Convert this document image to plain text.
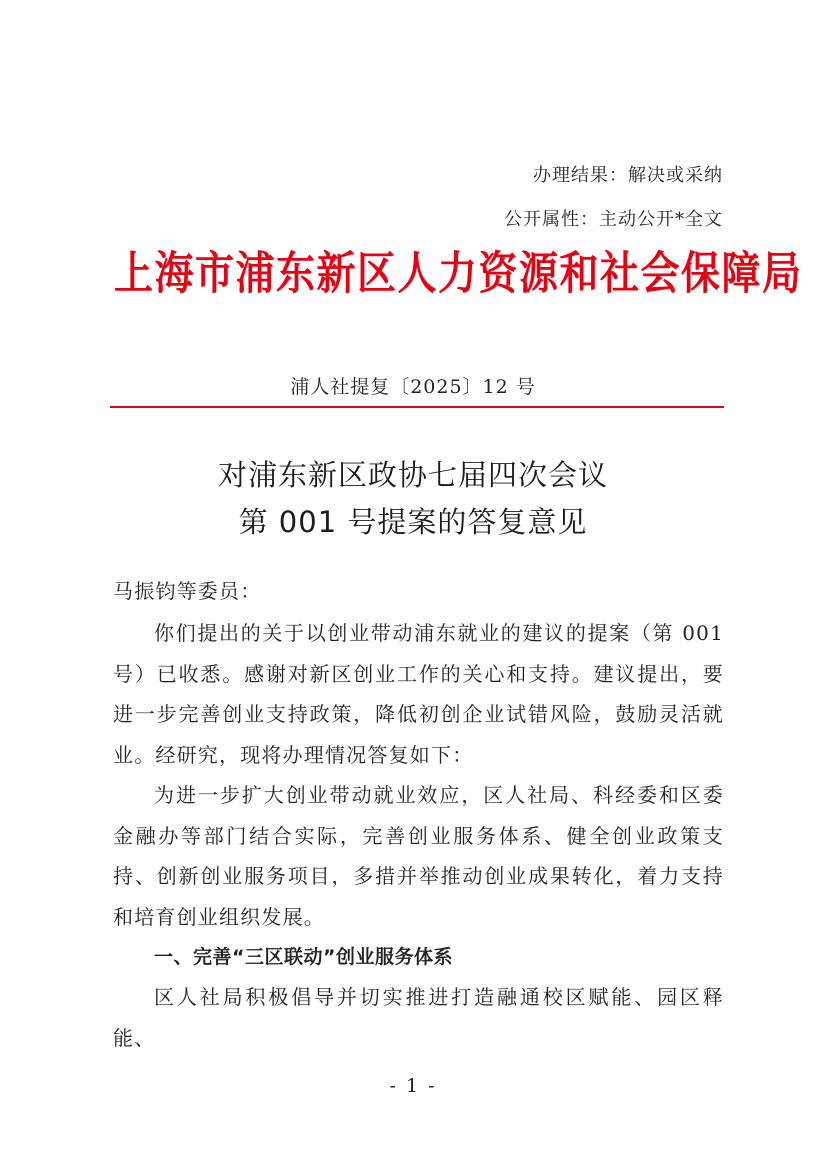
办理结果：解决或采纳
公开属性：主动公开*全文
上海市浦东新区人力资源和社会保障局
浦人社提复〔2025〕12 号
对浦东新区政协七届四次会议
第 001 号提案的答复意见
马振钧等委员：
你们提出的关于以创业带动浦东就业的建议的提案（第 001 号）已收悉。感谢对新区创业工作的关心和支持。建议提出，要进一步完善创业支持政策，降低初创企业试错风险，鼓励灵活就业。经研究，现将办理情况答复如下：
为进一步扩大创业带动就业效应，区人社局、科经委和区委金融办等部门结合实际，完善创业服务体系、健全创业政策支持、创新创业服务项目，多措并举推动创业成果转化，着力支持和培育创业组织发展。
一、完善“三区联动”创业服务体系
区人社局积极倡导并切实推进打造融通校区赋能、园区释能、
- 1 -
